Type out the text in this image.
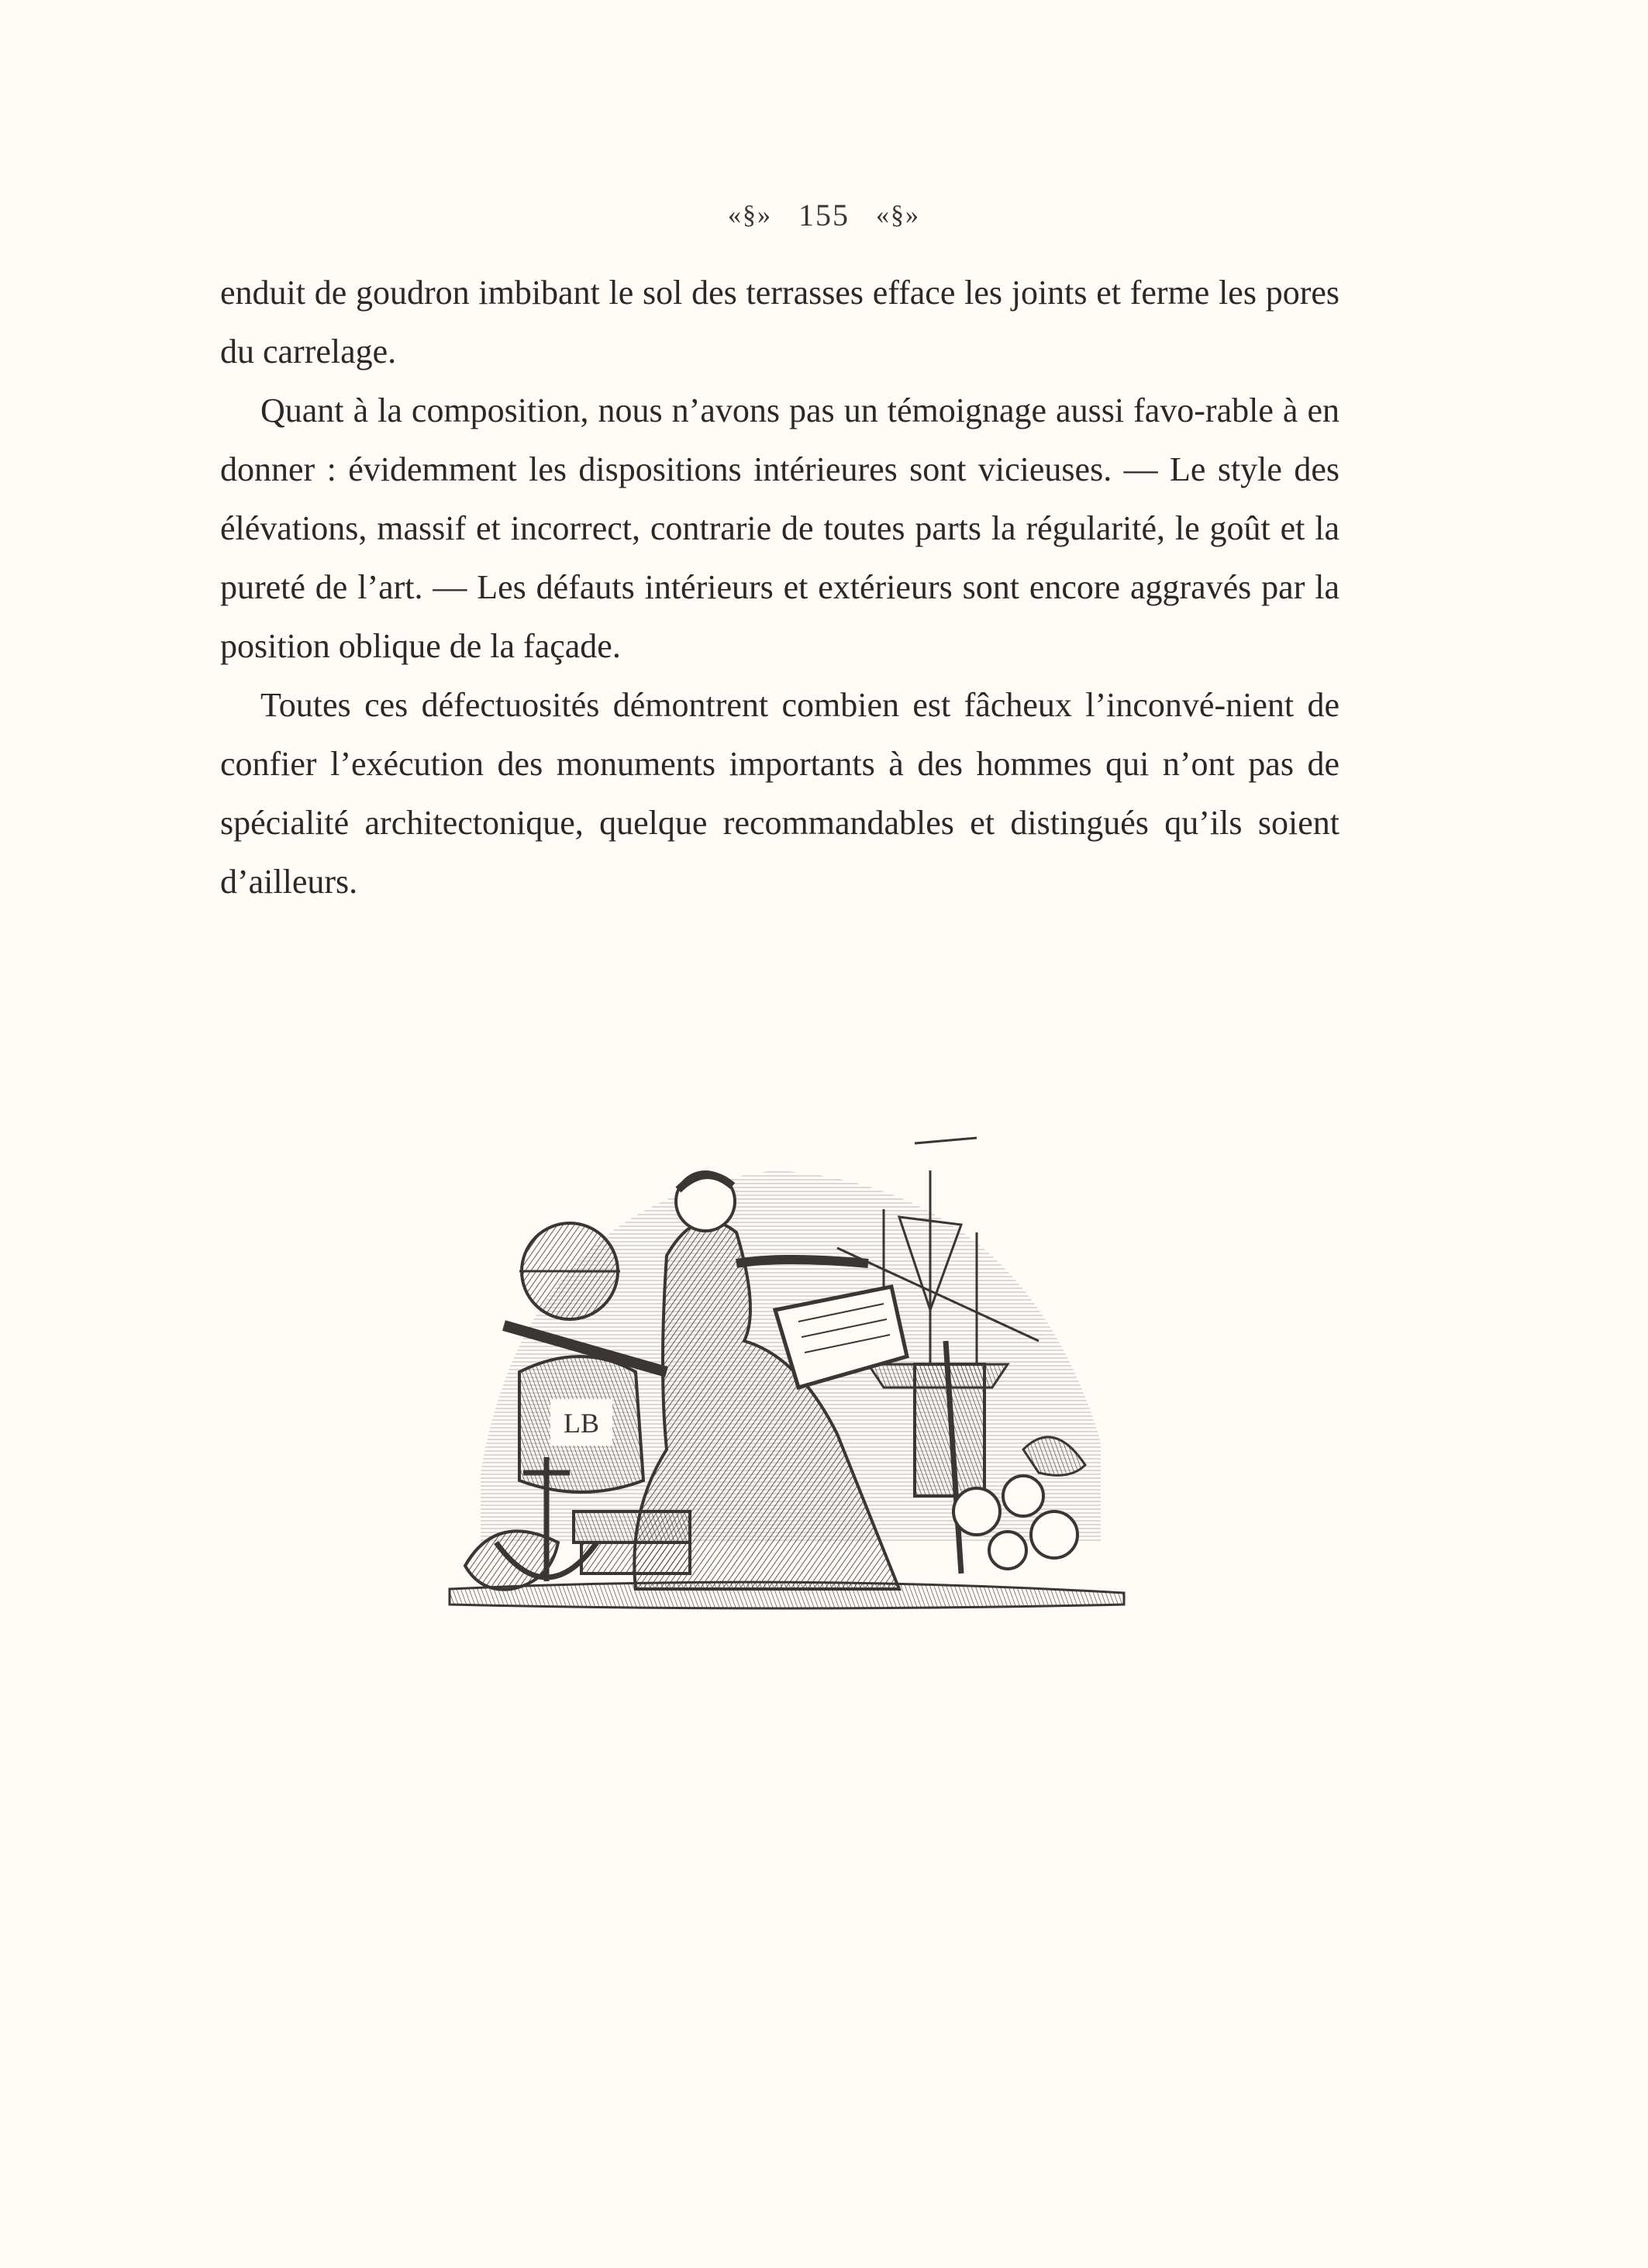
«§» 155 «§»

enduit de goudron imbibant le sol des terrasses efface les joints et ferme les pores du carrelage.

Quant à la composition, nous n’avons pas un témoignage aussi favo-rable à en donner : évidemment les dispositions intérieures sont vicieuses. — Le style des élévations, massif et incorrect, contrarie de toutes parts la régularité, le goût et la pureté de l’art. — Les défauts intérieurs et extérieurs sont encore aggravés par la position oblique de la façade.

Toutes ces défectuosités démontrent combien est fâcheux l’inconvé-nient de confier l’exécution des monuments importants à des hommes qui n’ont pas de spécialité architectonique, quelque recommandables et distingués qu’ils soient d’ailleurs.

LB
